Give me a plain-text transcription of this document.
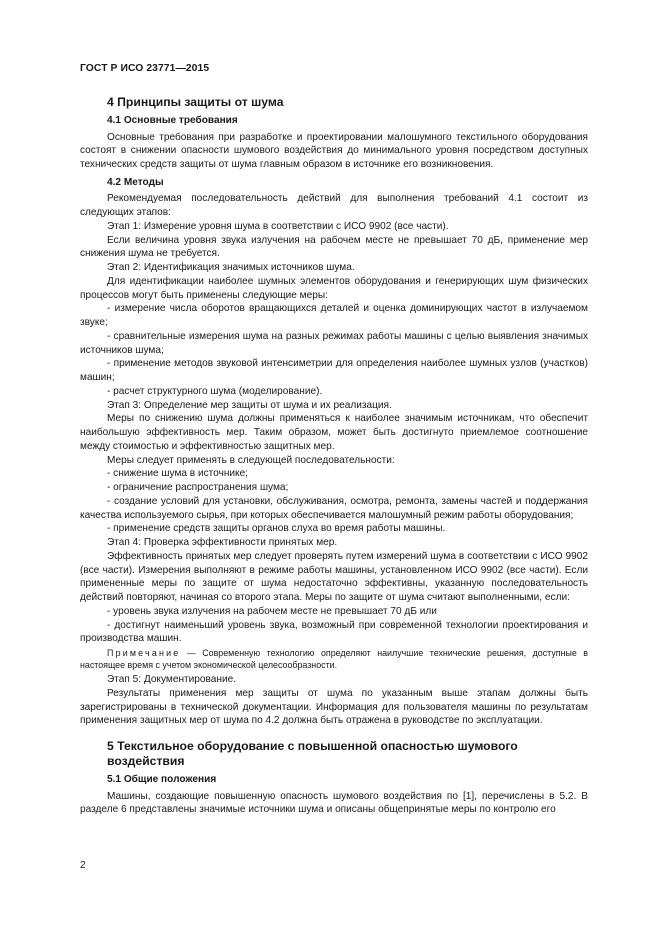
ГОСТ Р ИСО 23771—2015
4 Принципы защиты от шума
4.1 Основные требования

Основные требования при разработке и проектировании малошумного текстильного оборудования состоят в снижении опасности шумового воздействия до минимального уровня посредством доступных технических средств защиты от шума главным образом в источнике его возникновения.

4.2 Методы

Рекомендуемая последовательность действий для выполнения требований 4.1 состоит из следующих этапов:

Этап 1: Измерение уровня шума в соответствии с ИСО 9902 (все части).

Если величина уровня звука излучения на рабочем месте не превышает 70 дБ, применение мер снижения шума не требуется.

Этап 2: Идентификация значимых источников шума.

Для идентификации наиболее шумных элементов оборудования и генерирующих шум физических процессов могут быть применены следующие меры:

- измерение числа оборотов вращающихся деталей и оценка доминирующих частот в излучаемом звуке;

- сравнительные измерения шума на разных режимах работы машины с целью выявления значимых источников шума;

- применение методов звуковой интенсиметрии для определения наиболее шумных узлов (участков) машин;

- расчет структурного шума (моделирование).

Этап 3: Определение мер защиты от шума и их реализация.

Меры по снижению шума должны применяться к наиболее значимым источникам, что обеспечит наибольшую эффективность мер. Таким образом, может быть достигнуто приемлемое соотношение между стоимостью и эффективностью защитных мер.

Меры следует применять в следующей последовательности:

- снижение шума в источнике;

- ограничение распространения шума;

- создание условий для установки, обслуживания, осмотра, ремонта, замены частей и поддержания качества используемого сырья, при которых обеспечивается малошумный режим работы оборудования;

- применение средств защиты органов слуха во время работы машины.

Этап 4: Проверка эффективности принятых мер.

Эффективность принятых мер следует проверять путем измерений шума в соответствии с ИСО 9902 (все части). Измерения выполняют в режиме работы машины, установленном ИСО 9902 (все части). Если примененные меры по защите от шума недостаточно эффективны, указанную последовательность действий повторяют, начиная со второго этапа. Меры по защите от шума считают выполненными, если:

- уровень звука излучения на рабочем месте не превышает 70 дБ или

- достигнут наименьший уровень звука, возможный при современной технологии проектирования и производства машин.

Примечание — Современную технологию определяют наилучшие технические решения, доступные в настоящее время с учетом экономической целесообразности.

Этап 5: Документирование.

Результаты применения мер защиты от шума по указанным выше этапам должны быть зарегистрированы в технической документации. Информация для пользователя машины по результатам применения защитных мер от шума по 4.2 должна быть отражена в руководстве по эксплуатации.

5 Текстильное оборудование с повышенной опасностью шумового воздействия
5.1 Общие положения

Машины, создающие повышенную опасность шумового воздействия по [1], перечислены в 5.2. В разделе 6 представлены значимые источники шума и описаны общепринятые меры по контролю его

2
